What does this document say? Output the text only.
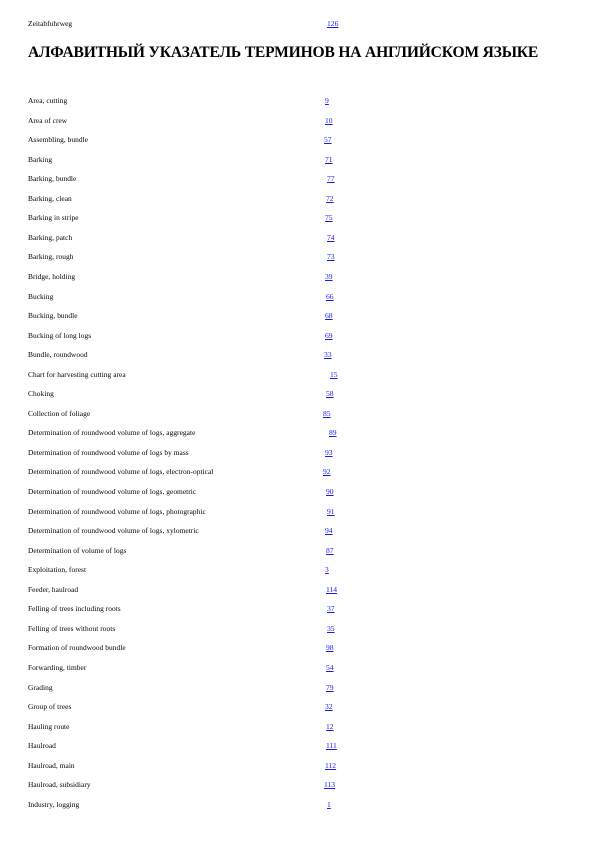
Zeitabfuhrweg	126
АЛФАВИТНЫЙ УКАЗАТЕЛЬ ТЕРМИНОВ НА АНГЛИЙСКОМ ЯЗЫКЕ
Area, cutting	9
Area of crew	10
Assembling, bundle	57
Barking	71
Barking, bundle	77
Barking, clean	72
Barking in stripe	75
Barking, patch	74
Barking, rough	73
Bridge, holding	39
Bucking	66
Bucking, bundle	68
Bucking of long logs	69
Bundle, roundwood	33
Chart for harvesting cutting area	15
Choking	58
Collection of foliage	85
Determination of roundwood volume of logs, aggregate	89
Determination of roundwood volume of logs by mass	93
Determination of roundwood volume of logs, electron-optical	92
Determination of roundwood volume of logs, geometric	90
Determination of roundwood volume of logs, photographic	91
Determination of roundwood volume of logs, xylometric	94
Determination of volume of logs	87
Exploitation, forest	3
Feeder, haulroad	114
Felling of trees including roots	37
Felling of trees without roots	35
Formation of roundwood bundle	98
Forwarding, timber	54
Grading	79
Group of trees	32
Hauling route	12
Haulroad	111
Haulroad, main	112
Haulroad, subsidiary	113
Industry, logging	1
